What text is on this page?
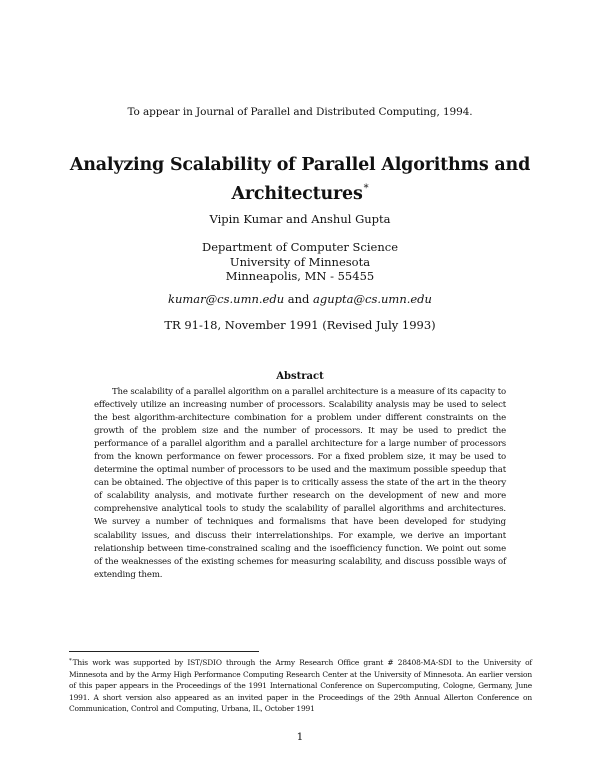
To appear in Journal of Parallel and Distributed Computing, 1994.
Analyzing Scalability of Parallel Algorithms and
Architectures*
Vipin Kumar and Anshul Gupta
Department of Computer Science
University of Minnesota
Minneapolis, MN - 55455
kumar@cs.umn.edu and agupta@cs.umn.edu
TR 91-18, November 1991 (Revised July 1993)
Abstract

The scalability of a parallel algorithm on a parallel architecture is a measure of its capacity to effectively utilize an increasing number of processors. Scalability analysis may be used to select the best algorithm-architecture combination for a problem under different constraints on the growth of the problem size and the number of processors. It may be used to predict the performance of a parallel algorithm and a parallel architecture for a large number of processors from the known performance on fewer processors. For a fixed problem size, it may be used to determine the optimal number of processors to be used and the maximum possible speedup that can be obtained. The objective of this paper is to critically assess the state of the art in the theory of scalability analysis, and motivate further research on the development of new and more comprehensive analytical tools to study the scalability of parallel algorithms and architectures. We survey a number of techniques and formalisms that have been developed for studying scalability issues, and discuss their interrelationships. For example, we derive an important relationship between time-constrained scaling and the isoefficiency function. We point out some of the weaknesses of the existing schemes for measuring scalability, and discuss possible ways of extending them.

*This work was supported by IST/SDIO through the Army Research Office grant # 28408-MA-SDI to the University of Minnesota and by the Army High Performance Computing Research Center at the University of Minnesota. An earlier version of this paper appears in the Proceedings of the 1991 International Conference on Supercomputing, Cologne, Germany, June 1991. A short version also appeared as an invited paper in the Proceedings of the 29th Annual Allerton Conference on Communication, Control and Computing, Urbana, IL, October 1991

1
